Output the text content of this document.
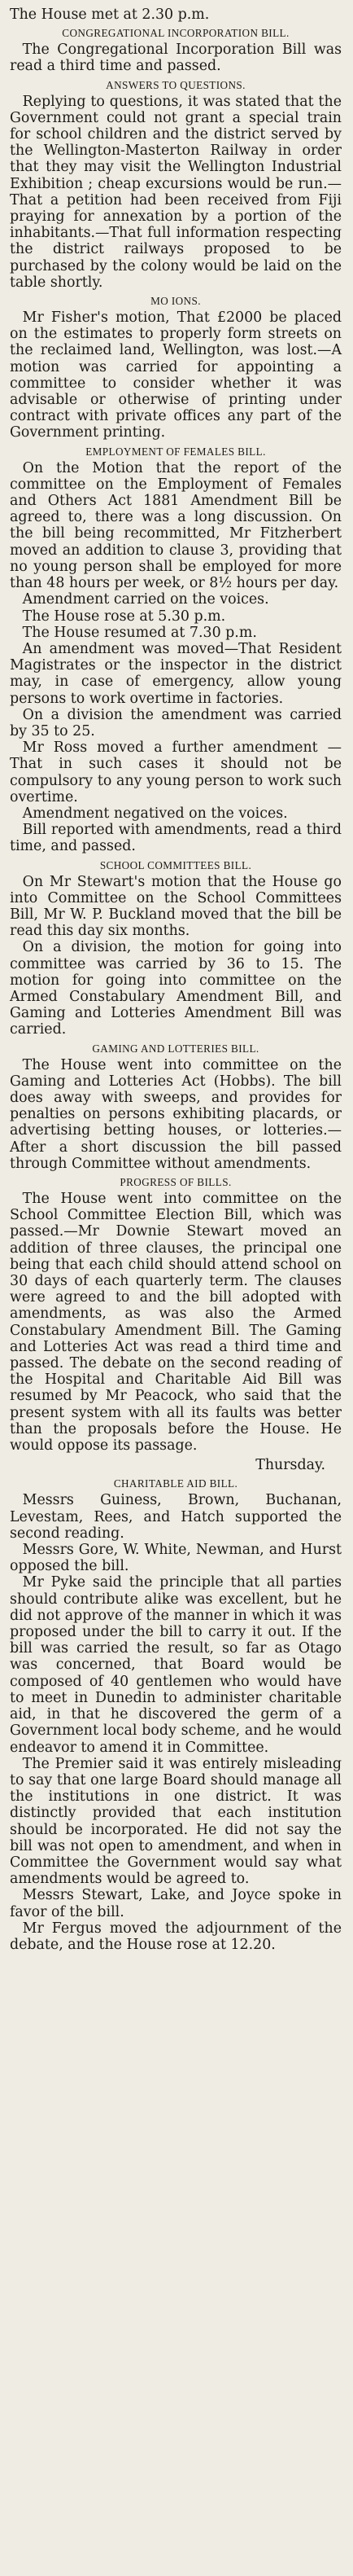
The House met at 2.30 p.m.

CONGREGATIONAL INCORPORATION BILL.

The Congregational Incorporation Bill was read a third time and passed.

ANSWERS TO QUESTIONS.

Replying to questions, it was stated that the Government could not grant a special train for school children and the district served by the Wellington-Masterton Railway in order that they may visit the Wellington Industrial Exhibition ; cheap excursions would be run.—That a petition had been received from Fiji praying for annexation by a portion of the inhabitants.—That full information respecting the district railways proposed to be purchased by the colony would be laid on the table shortly.

MO IONS.

Mr Fisher's motion, That £2000 be placed on the estimates to properly form streets on the reclaimed land, Wellington, was lost.—A motion was carried for appointing a committee to consider whether it was advisable or otherwise of printing under contract with private offices any part of the Government printing.

EMPLOYMENT OF FEMALES BILL.

On the Motion that the report of the committee on the Employment of Females and Others Act 1881 Amendment Bill be agreed to, there was a long discussion. On the bill being recommitted, Mr Fitzherbert moved an addition to clause 3, providing that no young person shall be employed for more than 48 hours per week, or 8½ hours per day.

Amendment carried on the voices.

The House rose at 5.30 p.m.

The House resumed at 7.30 p.m.

An amendment was moved—That Resident Magistrates or the inspector in the district may, in case of emergency, allow young persons to work overtime in factories.

On a division the amendment was carried by 35 to 25.

Mr Ross moved a further amendment —That in such cases it should not be compulsory to any young person to work such overtime.

Amendment negatived on the voices.

Bill reported with amendments, read a third time, and passed.

SCHOOL COMMITTEES BILL.

On Mr Stewart's motion that the House go into Committee on the School Committees Bill, Mr W. P. Buckland moved that the bill be read this day six months.

On a division, the motion for going into committee was carried by 36 to 15. The motion for going into committee on the Armed Constabulary Amendment Bill, and Gaming and Lotteries Amendment Bill was carried.

GAMING AND LOTTERIES BILL.

The House went into committee on the Gaming and Lotteries Act (Hobbs). The bill does away with sweeps, and provides for penalties on persons exhibiting placards, or advertising betting houses, or lotteries.—After a short discussion the bill passed through Committee without amendments.

PROGRESS OF BILLS.

The House went into committee on the School Committee Election Bill, which was passed.—Mr Downie Stewart moved an addition of three clauses, the principal one being that each child should attend school on 30 days of each quarterly term. The clauses were agreed to and the bill adopted with amendments, as was also the Armed Constabulary Amendment Bill. The Gaming and Lotteries Act was read a third time and passed. The debate on the second reading of the Hospital and Charitable Aid Bill was resumed by Mr Peacock, who said that the present system with all its faults was better than the proposals before the House. He would oppose its passage.

Thursday.

CHARITABLE AID BILL.

Messrs Guiness, Brown, Buchanan, Levestam, Rees, and Hatch supported the second reading.

Messrs Gore, W. White, Newman, and Hurst opposed the bill.

Mr Pyke said the principle that all parties should contribute alike was excellent, but he did not approve of the manner in which it was proposed under the bill to carry it out. If the bill was carried the result, so far as Otago was concerned, that Board would be composed of 40 gentlemen who would have to meet in Dunedin to administer charitable aid, in that he discovered the germ of a Government local body scheme, and he would endeavor to amend it in Committee.

The Premier said it was entirely misleading to say that one large Board should manage all the institutions in one district. It was distinctly provided that each institution should be incorporated. He did not say the bill was not open to amendment, and when in Committee the Government would say what amendments would be agreed to.

Messrs Stewart, Lake, and Joyce spoke in favor of the bill.

Mr Fergus moved the adjournment of the debate, and the House rose at 12.20.
